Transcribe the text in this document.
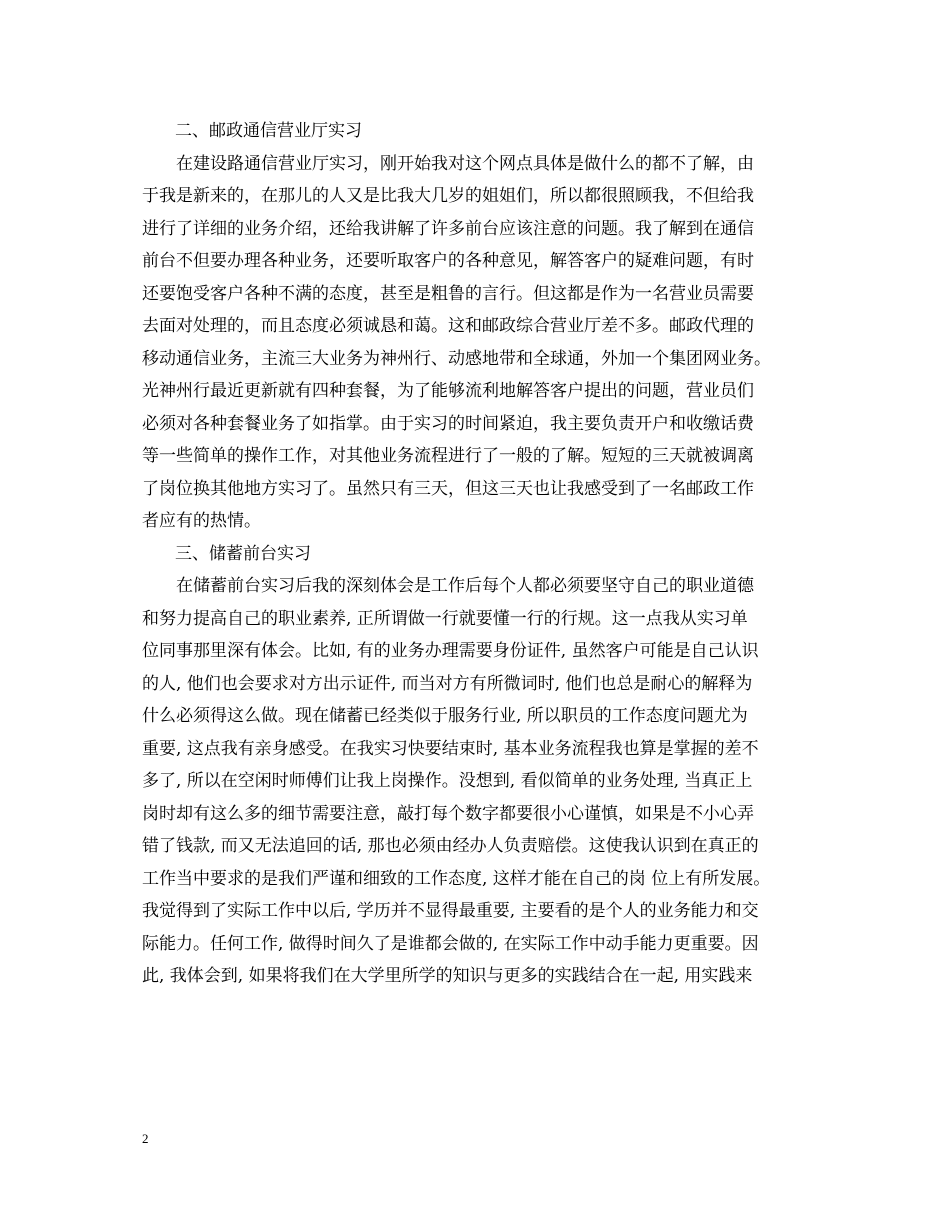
二、邮政通信营业厅实习
在建设路通信营业厅实习，刚开始我对这个网点具体是做什么的都不了解，由
于我是新来的，在那儿的人又是比我大几岁的姐姐们，所以都很照顾我，不但给我
进行了详细的业务介绍，还给我讲解了许多前台应该注意的问题。我了解到在通信
前台不但要办理各种业务，还要听取客户的各种意见，解答客户的疑难问题，有时
还要饱受客户各种不满的态度，甚至是粗鲁的言行。但这都是作为一名营业员需要
去面对处理的，而且态度必须诚恳和蔼。这和邮政综合营业厅差不多。邮政代理的
移动通信业务，主流三大业务为神州行、动感地带和全球通，外加一个集团网业务。
光神州行最近更新就有四种套餐，为了能够流利地解答客户提出的问题，营业员们
必须对各种套餐业务了如指掌。由于实习的时间紧迫，我主要负责开户和收缴话费
等一些简单的操作工作，对其他业务流程进行了一般的了解。短短的三天就被调离
了岗位换其他地方实习了。虽然只有三天，但这三天也让我感受到了一名邮政工作
者应有的热情。
三、储蓄前台实习
在储蓄前台实习后我的深刻体会是工作后每个人都必须要坚守自己的职业道德
和努力提高自己的职业素养, 正所谓做一行就要懂一行的行规。这一点我从实习单
位同事那里深有体会。比如, 有的业务办理需要身份证件, 虽然客户可能是自己认识
的人, 他们也会要求对方出示证件, 而当对方有所微词时, 他们也总是耐心的解释为
什么必须得这么做。现在储蓄已经类似于服务行业, 所以职员的工作态度问题尤为
重要, 这点我有亲身感受。在我实习快要结束时, 基本业务流程我也算是掌握的差不
多了, 所以在空闲时师傅们让我上岗操作。没想到, 看似简单的业务处理, 当真正上
岗时却有这么多的细节需要注意，敲打每个数字都要很小心谨慎，如果是不小心弄
错了钱款, 而又无法追回的话, 那也必须由经办人负责赔偿。这使我认识到在真正的
工作当中要求的是我们严谨和细致的工作态度, 这样才能在自己的岗 位上有所发展。
我觉得到了实际工作中以后, 学历并不显得最重要, 主要看的是个人的业务能力和交
际能力。任何工作, 做得时间久了是谁都会做的, 在实际工作中动手能力更重要。因
此, 我体会到, 如果将我们在大学里所学的知识与更多的实践结合在一起, 用实践来
2
